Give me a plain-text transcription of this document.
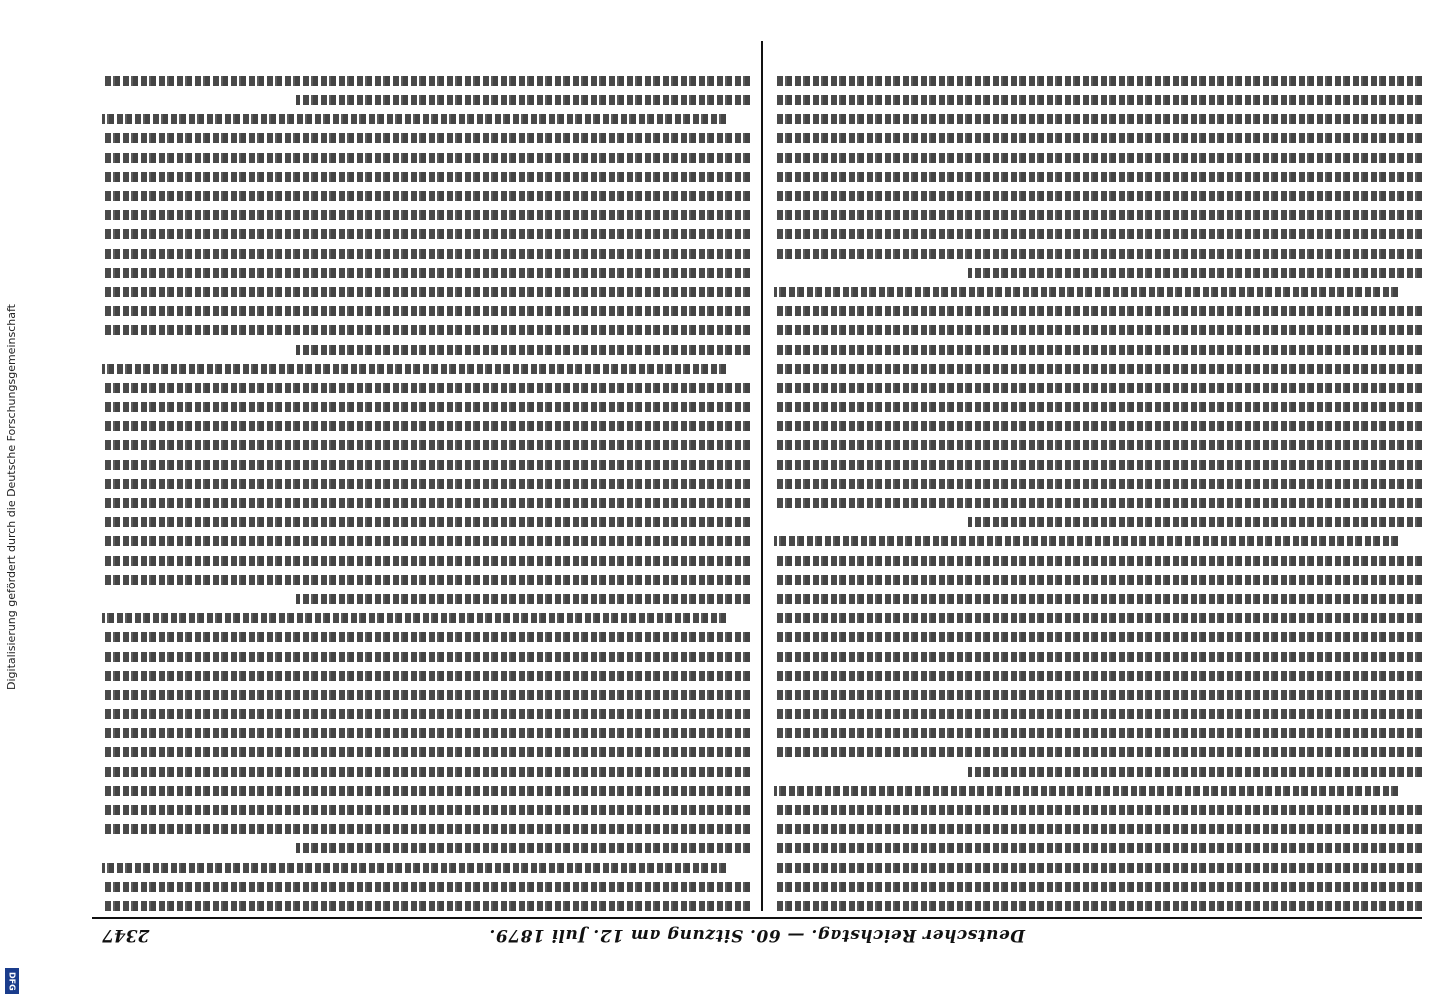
Digitalisierung gefördert durch die Deutsche Forschungsgemeinschaft
DFG
Deutscher Reichstag. — 60. Sitzung am 12. Juli 1879.
2347
